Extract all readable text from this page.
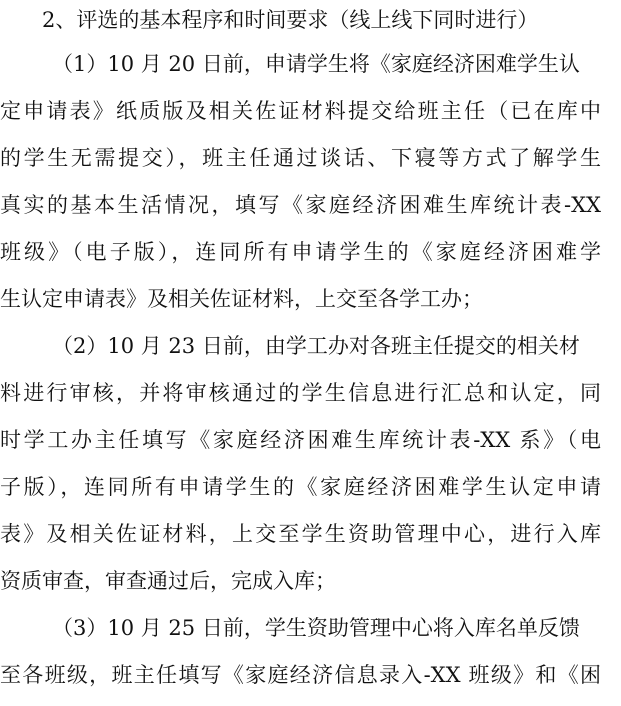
2、评选的基本程序和时间要求（线上线下同时进行）
（1）10 月 20 日前，申请学生将《家庭经济困难学生认
定申请表》纸质版及相关佐证材料提交给班主任（已在库中
的学生无需提交），班主任通过谈话、下寝等方式了解学生
真实的基本生活情况，填写《家庭经济困难生库统计表-XX
班级》（电子版），连同所有申请学生的《家庭经济困难学
生认定申请表》及相关佐证材料，上交至各学工办；
（2）10 月 23 日前，由学工办对各班主任提交的相关材
料进行审核，并将审核通过的学生信息进行汇总和认定，同
时学工办主任填写《家庭经济困难生库统计表-XX 系》（电
子版），连同所有申请学生的《家庭经济困难学生认定申请
表》及相关佐证材料，上交至学生资助管理中心，进行入库
资质审查，审查通过后，完成入库；
（3）10 月 25 日前，学生资助管理中心将入库名单反馈
至各班级，班主任填写《家庭经济信息录入-XX 班级》和《困
